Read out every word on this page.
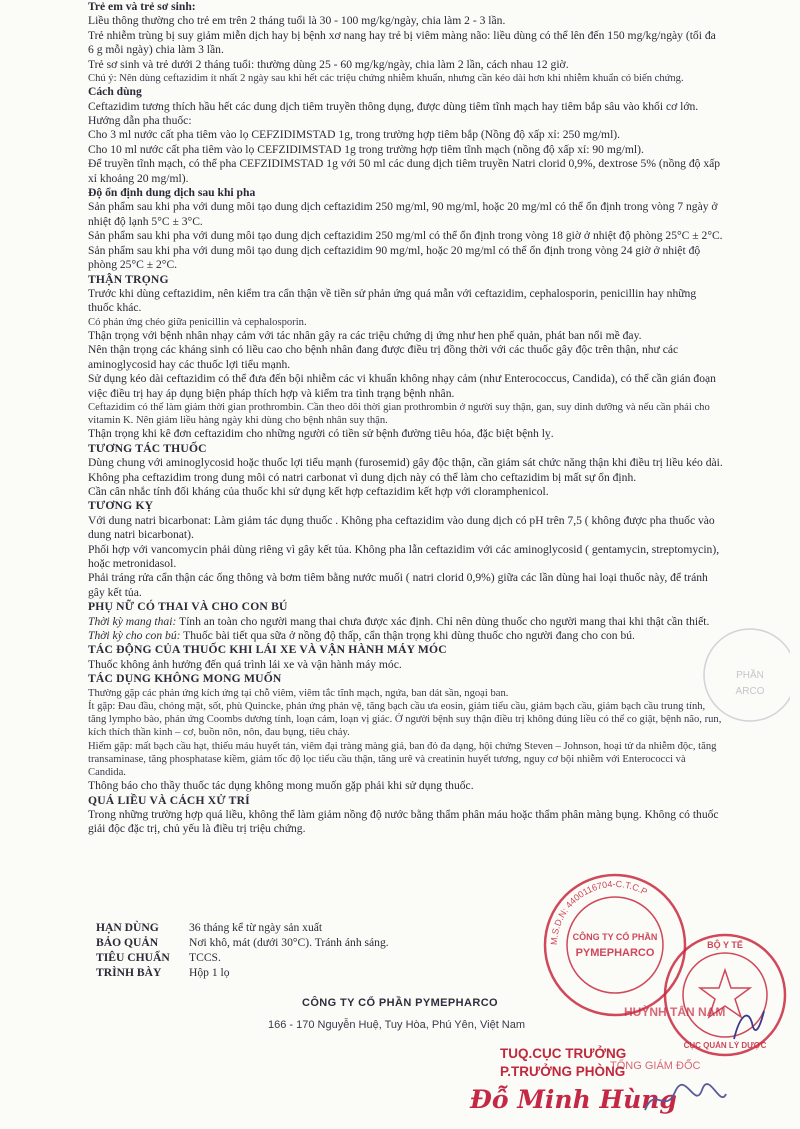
Trẻ em và trẻ sơ sinh:

Liều thông thường cho trẻ em trên 2 tháng tuổi là 30 - 100 mg/kg/ngày, chia làm 2 - 3 lần.

Trẻ nhiễm trùng bị suy giảm miễn dịch hay bị bệnh xơ nang hay trẻ bị viêm màng não: liều dùng có thể lên đến 150 mg/kg/ngày (tối đa 6 g mỗi ngày) chia làm 3 lần.

Trẻ sơ sinh và trẻ dưới 2 tháng tuổi: thường dùng 25 - 60 mg/kg/ngày, chia làm 2 lần, cách nhau 12 giờ.

Chú ý: Nên dùng ceftazidim ít nhất 2 ngày sau khi hết các triệu chứng nhiễm khuẩn, nhưng cần kéo dài hơn khi nhiễm khuẩn có biến chứng.

Cách dùng

Ceftazidim tương thích hầu hết các dung dịch tiêm truyền thông dụng, được dùng tiêm tĩnh mạch hay tiêm bắp sâu vào khối cơ lớn.

Hướng dẫn pha thuốc:

Cho 3 ml nước cất pha tiêm vào lọ CEFZIDIMSTAD 1g, trong trường hợp tiêm bắp (Nồng độ xấp xỉ: 250 mg/ml).

Cho 10 ml nước cất pha tiêm vào lọ CEFZIDIMSTAD 1g trong trường hợp tiêm tĩnh mạch (nồng độ xấp xỉ: 90 mg/ml).

Để truyền tĩnh mạch, có thể pha CEFZIDIMSTAD 1g với 50 ml các dung dịch tiêm truyền Natri clorid 0,9%, dextrose 5% (nồng độ xấp xỉ khoảng 20 mg/ml).

Độ ổn định dung dịch sau khi pha

Sản phẩm sau khi pha với dung môi tạo dung dịch ceftazidim 250 mg/ml, 90 mg/ml, hoặc 20 mg/ml có thể ổn định trong vòng 7 ngày ở nhiệt độ lạnh 5°C ± 3°C.

Sản phẩm sau khi pha với dung môi tạo dung dịch ceftazidim 250 mg/ml có thể ổn định trong vòng 18 giờ ở nhiệt độ phòng 25°C ± 2°C.

Sản phẩm sau khi pha với dung môi tạo dung dịch ceftazidim 90 mg/ml, hoặc 20 mg/ml có thể ổn định trong vòng 24 giờ ở nhiệt độ phòng 25°C ± 2°C.

THẬN TRỌNG

Trước khi dùng ceftazidim, nên kiểm tra cẩn thận về tiền sử phản ứng quá mẫn với ceftazidim, cephalosporin, penicillin hay những thuốc khác.

Có phản ứng chéo giữa penicillin và cephalosporin.

Thận trọng với bệnh nhân nhạy cảm với tác nhân gây ra các triệu chứng dị ứng như hen phế quản, phát ban nổi mề đay.

Nên thận trọng các kháng sinh có liều cao cho bệnh nhân đang được điều trị đồng thời với các thuốc gây độc trên thận, như các aminoglycosid hay các thuốc lợi tiểu mạnh.

Sử dụng kéo dài ceftazidim có thể đưa đến bội nhiễm các vi khuẩn không nhạy cảm (như Enterococcus, Candida), có thể cần gián đoạn việc điều trị hay áp dụng biện pháp thích hợp và kiểm tra tình trạng bệnh nhân.

Ceftazidim có thể làm giảm thời gian prothrombin. Cần theo dõi thời gian prothrombin ở người suy thận, gan, suy dinh dưỡng và nếu cần phải cho vitamin K. Nên giảm liều hàng ngày khi dùng cho bệnh nhân suy thận.

Thận trọng khi kê đơn ceftazidim cho những người có tiền sử bệnh đường tiêu hóa, đặc biệt bệnh lỵ.

TƯƠNG TÁC THUỐC

Dùng chung với aminoglycosid hoặc thuốc lợi tiểu mạnh (furosemid) gây độc thận, cần giám sát chức năng thận khi điều trị liều kéo dài.

Không pha ceftazidim trong dung môi có natri carbonat vì dung dịch này có thể làm cho ceftazidim bị mất sự ổn định.

Cần cân nhắc tính đối kháng của thuốc khi sử dụng kết hợp ceftazidim kết hợp với cloramphenicol.

TƯƠNG KỴ

Với dung natri bicarbonat: Làm giảm tác dụng thuốc . Không pha ceftazidim vào dung dịch có pH trên 7,5 ( không được pha thuốc vào dung natri bicarbonat).

Phối hợp với vancomycin phải dùng riêng vì gây kết tủa. Không pha lẫn ceftazidim với các aminoglycosid ( gentamycin, streptomycin), hoặc metronidasol.

Phải tráng rửa cẩn thận các ống thông và bơm tiêm bằng nước muối ( natri clorid 0,9%) giữa các lần dùng hai loại thuốc này, để tránh gây kết tủa.

PHỤ NỮ CÓ THAI VÀ CHO CON BÚ

Thời kỳ mang thai: Tính an toàn cho người mang thai chưa được xác định. Chỉ nên dùng thuốc cho người mang thai khi thật cần thiết.

Thời kỳ cho con bú: Thuốc bài tiết qua sữa ở nồng độ thấp, cẩn thận trọng khi dùng thuốc cho người đang cho con bú.

TÁC ĐỘNG CỦA THUỐC KHI LÁI XE VÀ VẬN HÀNH MÁY MÓC

Thuốc không ảnh hưởng đến quá trình lái xe và vận hành máy móc.

TÁC DỤNG KHÔNG MONG MUỐN

Thường gặp các phản ứng kích ứng tại chỗ viêm, viêm tắc tĩnh mạch, ngứa, ban dát sần, ngoại ban.

Ít gặp: Đau đầu, chóng mặt, sốt, phù Quincke, phản ứng phản vệ, tăng bạch cầu ưa eosin, giảm tiểu cầu, giảm bạch cầu, giảm bạch cầu trung tính, tăng lympho bào, phản ứng Coombs dương tính, loạn cảm, loạn vị giác. Ở người bệnh suy thận điều trị không đúng liều có thể co giật, bệnh não, run, kích thích thần kinh – cơ, buồn nôn, nôn, đau bụng, tiêu chảy.

Hiếm gặp: mất bạch cầu hạt, thiếu máu huyết tán, viêm đại tràng màng giả, ban đỏ đa dạng, hội chứng Steven – Johnson, hoại tử da nhiễm độc, tăng transaminase, tăng phosphatase kiềm, giảm tốc độ lọc tiểu cầu thận, tăng urê và creatinin huyết tương, nguy cơ bội nhiễm với Enterococci và Candida.

Thông báo cho thầy thuốc tác dụng không mong muốn gặp phải khi sử dụng thuốc.

QUÁ LIỀU VÀ CÁCH XỬ TRÍ

Trong những trường hợp quá liều, không thể làm giảm nồng độ nước bằng thẩm phân máu hoặc thẩm phân màng bụng. Không có thuốc giải độc đặc trị, chủ yếu là điều trị triệu chứng.

HẠN DÙNG	36 tháng kể từ ngày sản xuất
BẢO QUẢN	Nơi khô, mát (dưới 30°C). Tránh ánh sáng.
TIÊU CHUẨN	TCCS.
TRÌNH BÀY	Hộp 1 lọ
CÔNG TY CỔ PHẦN PYMEPHARCO
166 - 170 Nguyễn Huệ, Tuy Hòa, Phú Yên, Việt Nam
M.S.D.N: 4400116704-C.T.C.P
CÔNG TY CỔ PHẦN
PYMEPHARCO
BỘ Y TẾ
CỤC QUẢN LÝ DƯỢC
PHẦN
ARCO
HUỲNH TẤN NAM
TỔNG GIÁM ĐỐC
TUQ.CỤC TRƯỞNG
P.TRƯỞNG PHÒNG
Đỗ Minh Hùng
